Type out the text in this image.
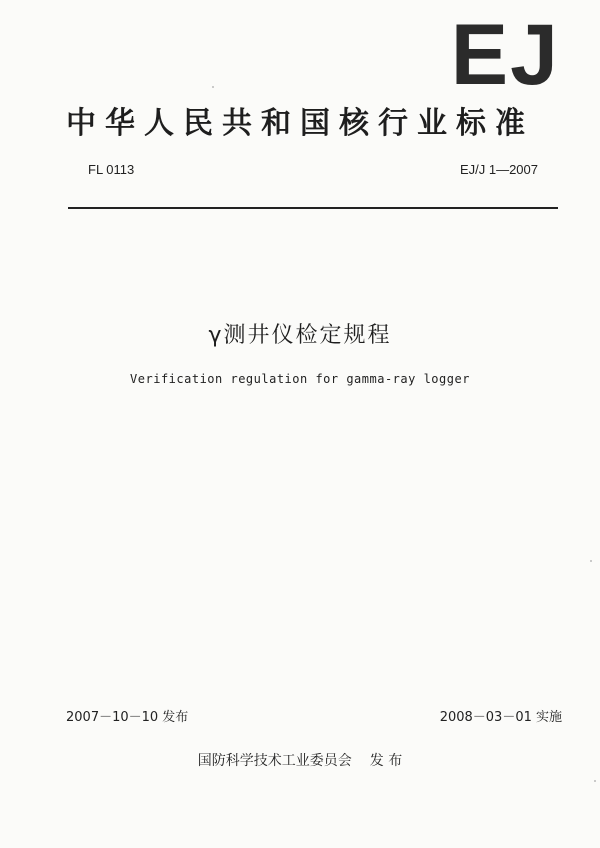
EJ
中华人民共和国核行业标准
FL 0113	EJ/J 1—2007
γ测井仪检定规程
Verification regulation for gamma-ray logger
2007－10－10 发布	2008－03－01 实施
国防科学技术工业委员会 发 布
